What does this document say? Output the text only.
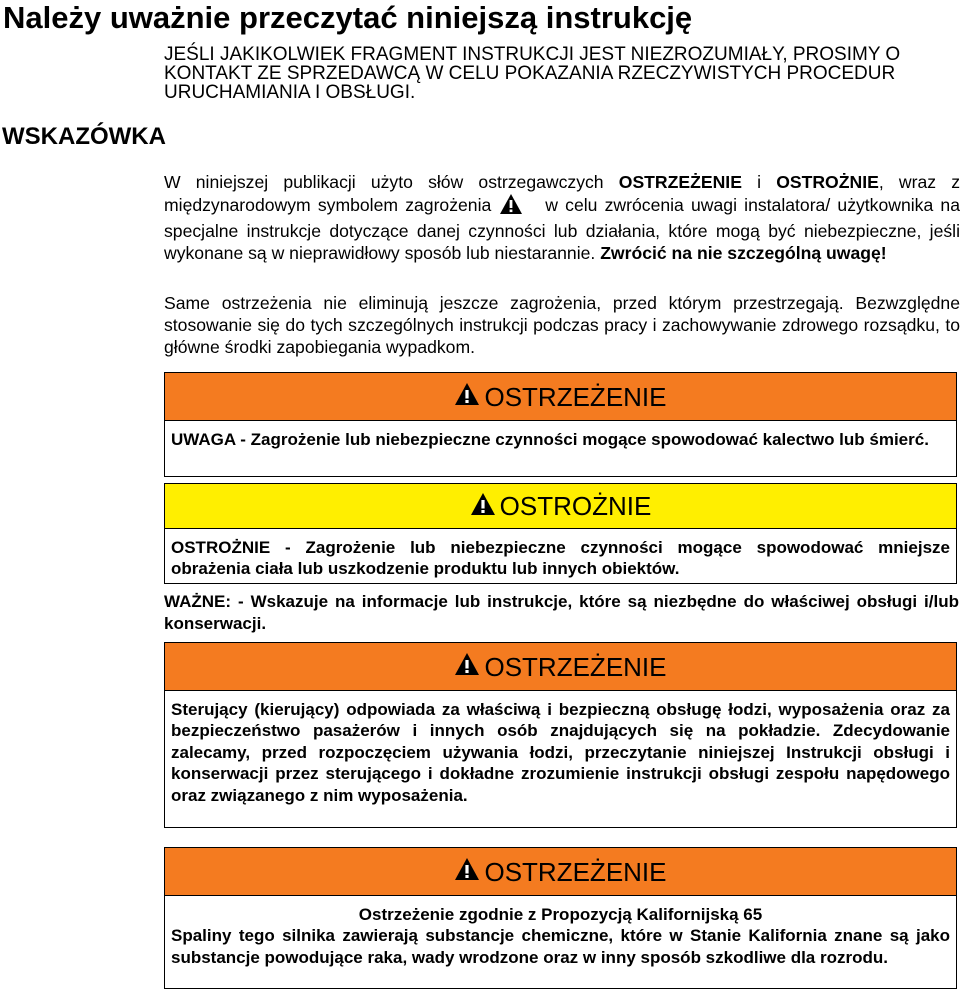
Należy uważnie przeczytać niniejszą instrukcję
WSKAZÓWKA
JEŚLI JAKIKOLWIEK FRAGMENT INSTRUKCJI JEST NIEZROZUMIAŁY, PROSIMY O KONTAKT ZE SPRZEDAWCĄ W CELU POKAZANIA RZECZYWISTYCH PROCEDUR URUCHAMIANIA I OBSŁUGI.
W niniejszej publikacji użyto słów ostrzegawczych OSTRZEŻENIE i OSTROŻNIE, wraz z międzynarodowym symbolem zagrożenia	w celu zwrócenia uwagi instalatora/ użytkownika na specjalne instrukcje dotyczące danej czynności lub działania, które mogą być niebezpieczne, jeśli wykonane są w nieprawidłowy sposób lub niestarannie. Zwrócić na nie szczególną uwagę!
Same ostrzeżenia nie eliminują jeszcze zagrożenia, przed którym przestrzegają. Bezwzględne stosowanie się do tych szczególnych instrukcji podczas pracy i zachowywanie zdrowego rozsądku, to główne środki zapobiegania wypadkom.
OSTRZEŻENIE
UWAGA - Zagrożenie lub niebezpieczne czynności mogące spowodować kalectwo lub śmierć.
OSTROŻNIE
OSTROŻNIE - Zagrożenie lub niebezpieczne czynności mogące spowodować mniejsze obrażenia ciała lub uszkodzenie produktu lub innych obiektów.
WAŻNE: - Wskazuje na informacje lub instrukcje, które są niezbędne do właściwej obsługi i/lub konserwacji.
OSTRZEŻENIE
Sterujący (kierujący) odpowiada za właściwą i bezpieczną obsługę łodzi, wyposażenia oraz za bezpieczeństwo pasażerów i innych osób znajdujących się na pokładzie. Zdecydowanie zalecamy, przed rozpoczęciem używania łodzi, przeczytanie niniejszej Instrukcji obsługi i konserwacji przez sterującego i dokładne zrozumienie instrukcji obsługi zespołu napędowego oraz związanego z nim wyposażenia.
OSTRZEŻENIE
Ostrzeżenie zgodnie z Propozycją Kalifornijską 65
Spaliny tego silnika zawierają substancje chemiczne, które w Stanie Kalifornia znane są jako substancje powodujące raka, wady wrodzone oraz w inny sposób szkodliwe dla rozrodu.
